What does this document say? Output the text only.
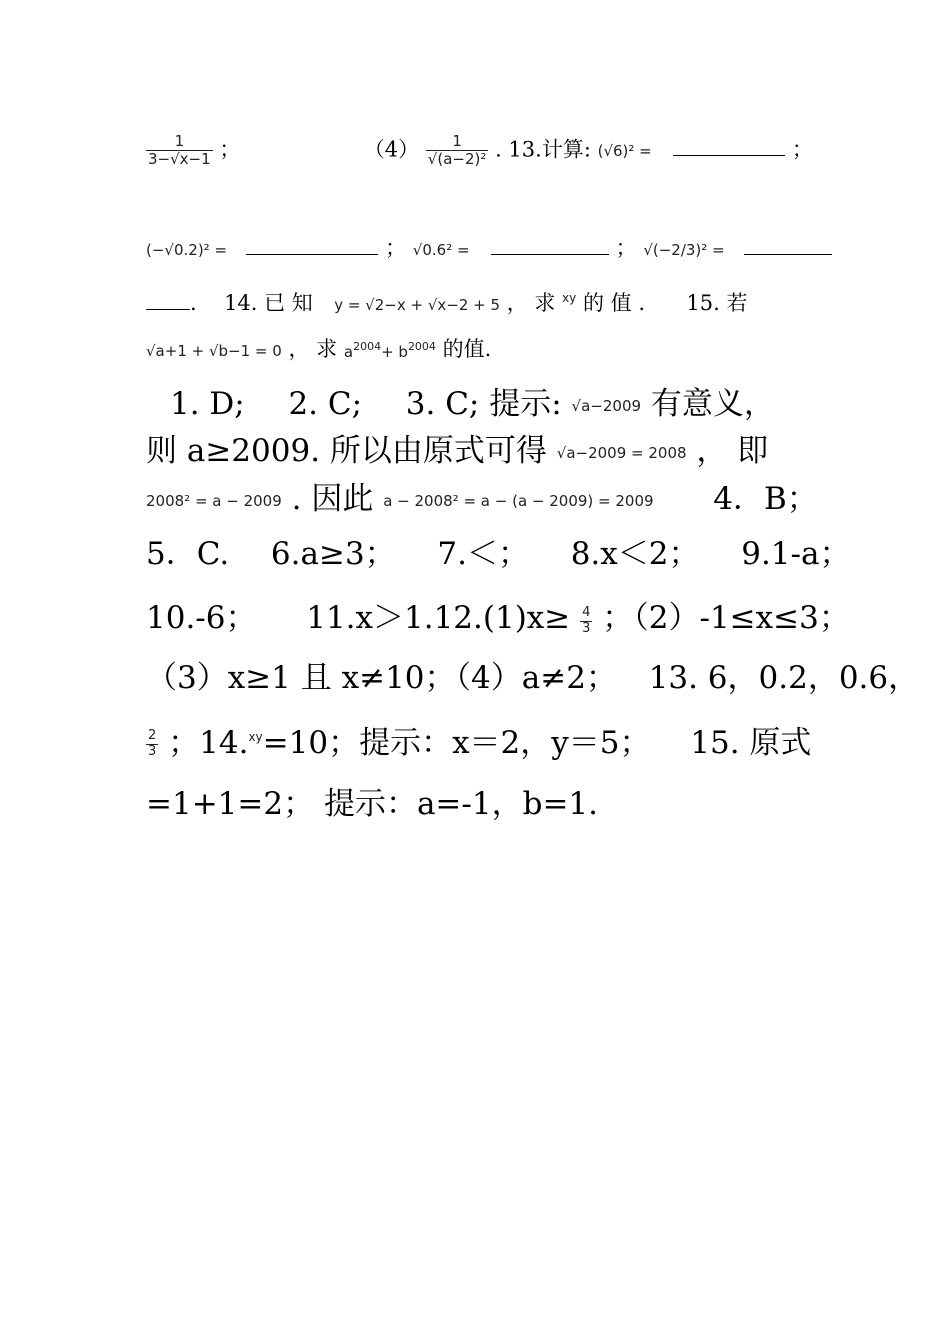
$\frac{1}{3-√x-1}$ ；	$(4) \frac{1}{\text{√(a−2)²}}$ . 13.计算: (√6)² =	；
(−√0.2)² =	； √0.6² =	； √(−2/3)² =
. 14. 已 知 y = √2−x + √x−2 + 5 ， 求 xy 的 值 . 15. 若
√a+1 + √b−1 = 0 ， 求 $a^{2004}+ b^{2004}$ 的值.
1. D; 2. C; 3. C; 提示: √a−2009 有意义，
则 a≥2009. 所以由原式可得 √a−2009 = 2008 ， 即
2008² = a − 2009 . 因此 a − 2008² = a − (a − 2009) = 2009 4．B；
5．C. 6.a≥3； 7.＜； 8.x＜2； 9.1-a；
10.-6； $11.x>1.12.(1)x\ge \frac{4}{3}$ ；（2）-1≤x≤3；
（3）x≥1 且 x≠10；（4）a≠2； 13. 6，0.2，0.6，
$\frac{2}{3}$ ；14.xy=10；提示：x＝2，y＝5； 15. 原式
=1+1=2； 提示：a=-1，b=1.
